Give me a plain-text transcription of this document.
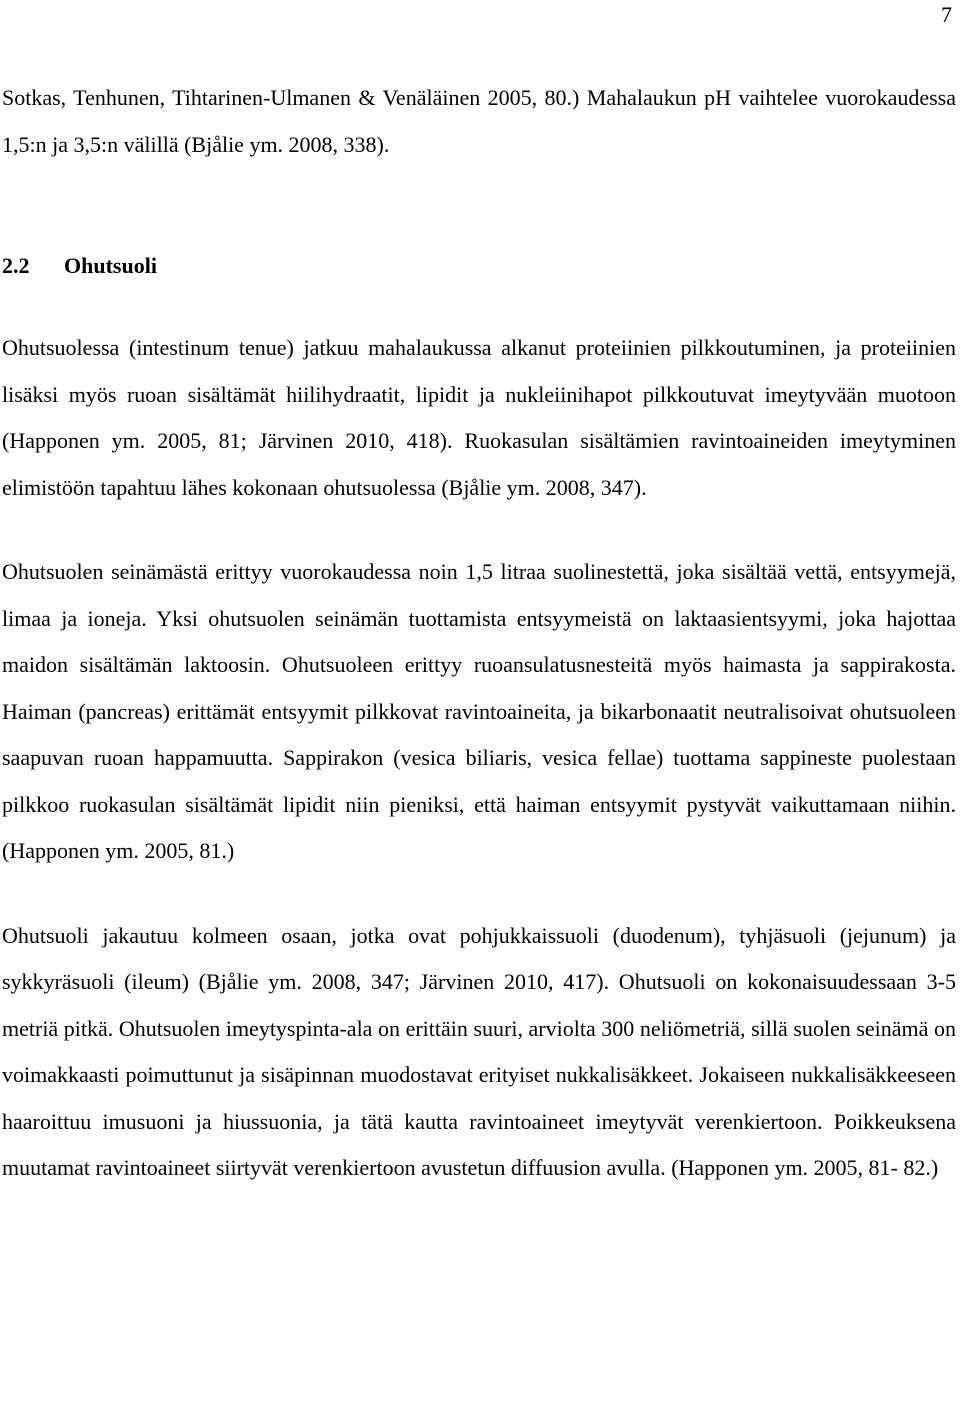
7

Sotkas, Tenhunen, Tihtarinen-Ulmanen & Venäläinen 2005, 80.) Mahalaukun pH vaihtelee vuorokaudessa 1,5:n ja 3,5:n välillä (Bjålie ym. 2008, 338).

2.2 Ohutsuoli

Ohutsuolessa (intestinum tenue) jatkuu mahalaukussa alkanut proteiinien pilkkoutuminen, ja proteiinien lisäksi myös ruoan sisältämät hiilihydraatit, lipidit ja nukleiinihapot pilkkoutuvat imeytyvään muotoon (Happonen ym. 2005, 81; Järvinen 2010, 418). Ruokasulan sisältämien ravintoaineiden imeytyminen elimistöön tapahtuu lähes kokonaan ohutsuolessa (Bjålie ym. 2008, 347).

Ohutsuolen seinämästä erittyy vuorokaudessa noin 1,5 litraa suolinestettä, joka sisältää vettä, entsyymejä, limaa ja ioneja. Yksi ohutsuolen seinämän tuottamista entsyymeistä on laktaasientsyymi, joka hajottaa maidon sisältämän laktoosin. Ohutsuoleen erittyy ruoansulatusnesteitä myös haimasta ja sappirakosta. Haiman (pancreas) erittämät entsyymit pilkkovat ravintoaineita, ja bikarbonaatit neutralisoivat ohutsuoleen saapuvan ruoan happamuutta. Sappirakon (vesica biliaris, vesica fellae) tuottama sappineste puolestaan pilkkoo ruokasulan sisältämät lipidit niin pieniksi, että haiman entsyymit pystyvät vaikuttamaan niihin. (Happonen ym. 2005, 81.)

Ohutsuoli jakautuu kolmeen osaan, jotka ovat pohjukkaissuoli (duodenum), tyhjäsuoli (jejunum) ja sykkyräsuoli (ileum) (Bjålie ym. 2008, 347; Järvinen 2010, 417). Ohutsuoli on kokonaisuudessaan 3-5 metriä pitkä. Ohutsuolen imeytyspinta-ala on erittäin suuri, arviolta 300 neliömetriä, sillä suolen seinämä on voimakkaasti poimuttunut ja sisäpinnan muodostavat erityiset nukkalisäkkeet. Jokaiseen nukkalisäkkeeseen haaroittuu imusuoni ja hiussuonia, ja tätä kautta ravintoaineet imeytyvät verenkiertoon. Poikkeuksena muutamat ravintoaineet siirtyvät verenkiertoon avustetun diffuusion avulla. (Happonen ym. 2005, 81- 82.)
